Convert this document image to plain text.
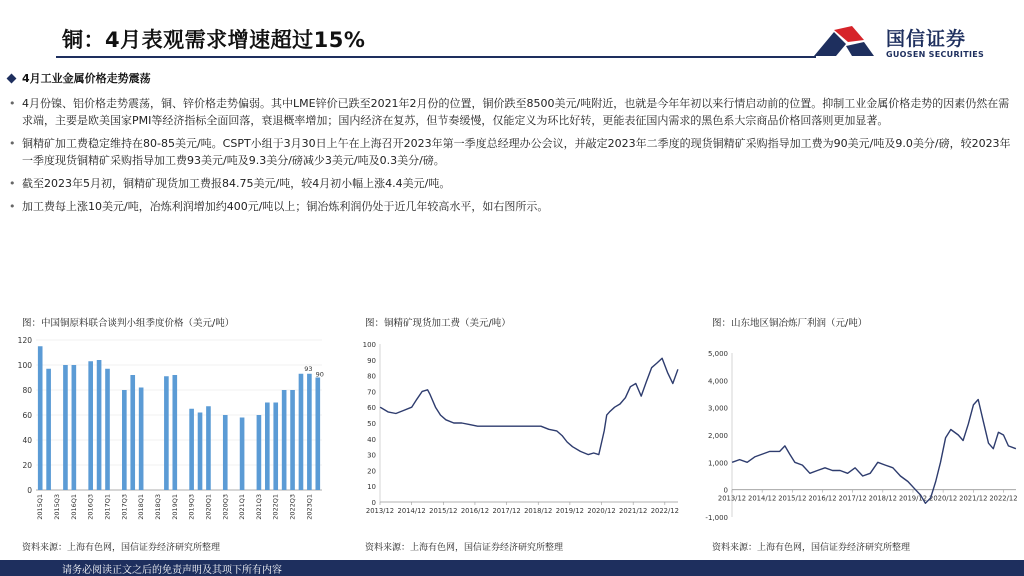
铜：4月表观需求增速超过15%	国信证券
GUOSEN SECURITIES
4月工业金属价格走势震荡
• 4月份镍、铝价格走势震荡，铜、锌价格走势偏弱。其中LME锌价已跌至2021年2月份的位置，铜价跌至8500美元/吨附近，也就是今年年初以来行情启动前的位置。抑制工业金属价格走势的因素仍然在需求端，主要是欧美国家PMI等经济指标全面回落，衰退概率增加；国内经济在复苏，但节奏缓慢，仅能定义为环比好转，更能表征国内需求的黑色系大宗商品价格回落则更加显著。
• 铜精矿加工费稳定维持在80-85美元/吨。CSPT小组于3月30日上午在上海召开2023年第一季度总经理办公会议，并敲定2023年二季度的现货铜精矿采购指导加工费为90美元/吨及9.0美分/磅，较2023年一季度现货铜精矿采购指导加工费93美元/吨及9.3美分/磅减少3美元/吨及0.3美分/磅。
• 截至2023年5月初，铜精矿现货加工费报84.75美元/吨，较4月初小幅上涨4.4美元/吨。
• 加工费每上涨10美元/吨，冶炼利润增加约400元/吨以上；铜冶炼利润仍处于近几年较高水平，如右图所示。
图：中国铜原料联合谈判小组季度价格（美元/吨）
0
20
40
60
80
100
120
2015Q1 2015Q3 2016Q1 2016Q3 2017Q1 2017Q3 2018Q1 2018Q3 2019Q1 2019Q3 2020Q1 2020Q3 2021Q1 2021Q3 2022Q1 2022Q3 2023Q1
93
90
资料来源：上海有色网，国信证券经济研究所整理
图：铜精矿现货加工费（美元/吨）
0
10
20
30
40
50
60
70
80
90
100
2013/12 2014/12 2015/12 2016/12 2017/12 2018/12 2019/12 2020/12 2021/12 2022/12
资料来源：上海有色网，国信证券经济研究所整理
图：山东地区铜冶炼厂利润（元/吨）
-1,000
0
1,000
2,000
3,000
4,000
5,000
2013/12 2014/12 2015/12 2016/12 2017/12 2018/12 2019/12 2020/12 2021/12 2022/12
资料来源：上海有色网，国信证券经济研究所整理
请务必阅读正文之后的免责声明及其项下所有内容
